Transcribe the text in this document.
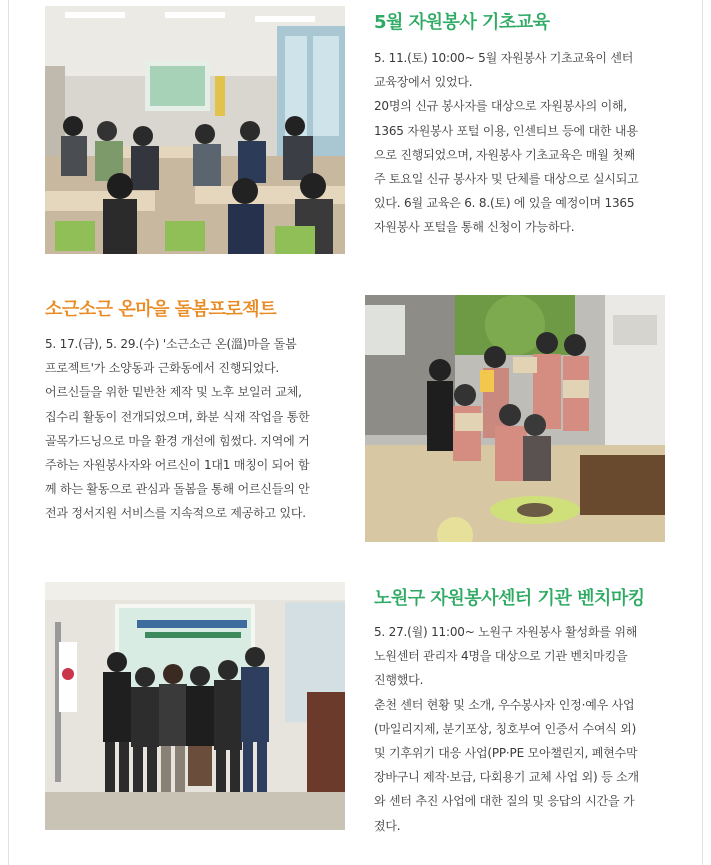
5월 자원봉사 기초교육

5. 11.(토) 10:00~ 5월 자원봉사 기초교육이 센터

교육장에서 있었다.

20명의 신규 봉사자를 대상으로 자원봉사의 이해,

1365 자원봉사 포털 이용, 인센티브 등에 대한 내용

으로 진행되었으며, 자원봉사 기초교육은 매월 첫째

주 토요일 신규 봉사자 및 단체를 대상으로 실시되고

있다. 6월 교육은 6. 8.(토) 에 있을 예정이며 1365

자원봉사 포털을 통해 신청이 가능하다.

소근소근 온마을 돌봄프로젝트

5. 17.(금), 5. 29.(수) '소근소근 온(溫)마을 돌봄

프로젝트'가 소양동과 근화동에서 진행되었다.

어르신들을 위한 밑반찬 제작 및 노후 보일러 교체,

집수리 활동이 전개되었으며, 화분 식재 작업을 통한

골목가드닝으로 마을 환경 개선에 힘썼다. 지역에 거

주하는 자원봉사자와 어르신이 1대1 매칭이 되어 함

께 하는 활동으로 관심과 돌봄을 통해 어르신들의 안

전과 정서지원 서비스를 지속적으로 제공하고 있다.

노원구 자원봉사센터 기관 벤치마킹

5. 27.(월) 11:00~ 노원구 자원봉사 활성화를 위해

노원센터 관리자 4명을 대상으로 기관 벤치마킹을

진행했다.

춘천 센터 현황 및 소개, 우수봉사자 인정·예우 사업

(마일리지제, 분기포상, 칭호부여 인증서 수여식 외)

및 기후위기 대응 사업(PP·PE 모아챌린지, 폐현수막

장바구니 제작·보급, 다회용기 교체 사업 외) 등 소개

와 센터 추진 사업에 대한 질의 및 응답의 시간을 가

졌다.
